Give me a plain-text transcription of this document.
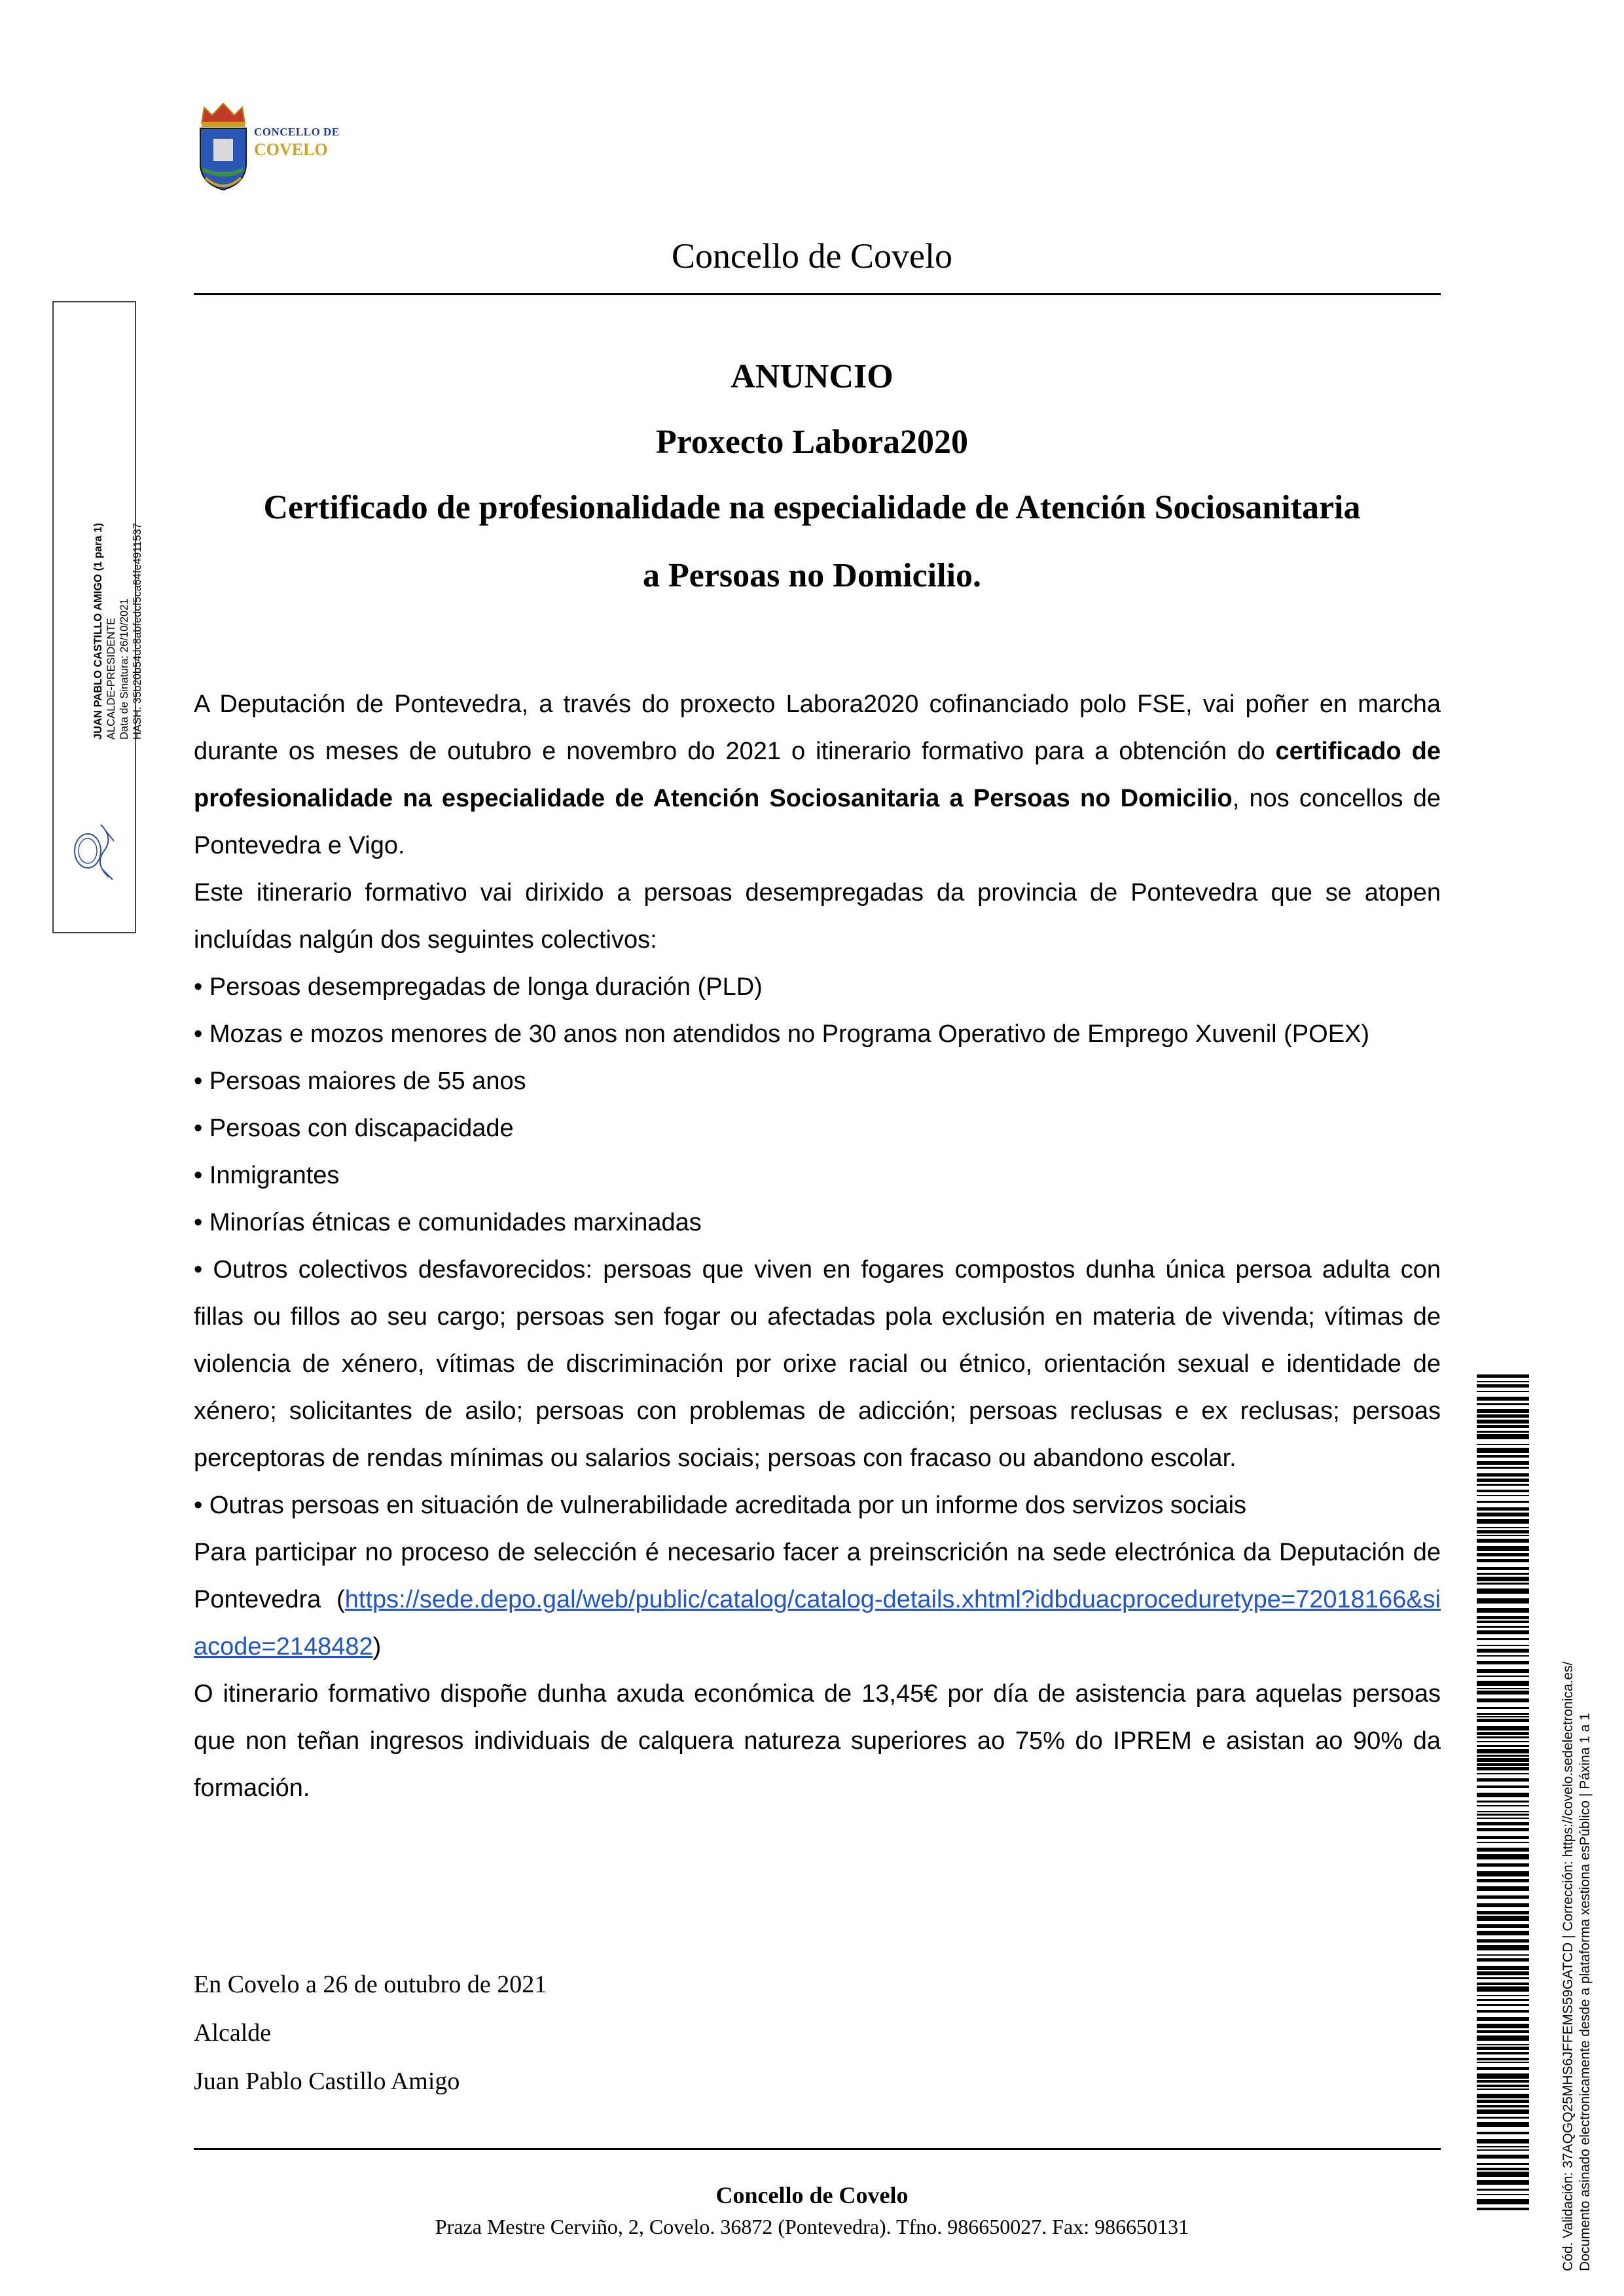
CONCELLO DE
COVELO
Concello de Covelo
ANUNCIO
Proxecto Labora2020
Certificado de profesionalidade na especialidade de Atención Sociosanitaria
a Persoas no Domicilio.

A Deputación de Pontevedra, a través do proxecto Labora2020 cofinanciado polo FSE, vai poñer en marcha durante os meses de outubro e novembro do 2021 o itinerario formativo para a obtención do certificado de profesionalidade na especialidade de Atención Sociosanitaria a Persoas no Domicilio, nos concellos de Pontevedra e Vigo.

Este itinerario formativo vai dirixido a persoas desempregadas da provincia de Pontevedra que se atopen incluídas nalgún dos seguintes colectivos:

• Persoas desempregadas de longa duración (PLD)

• Mozas e mozos menores de 30 anos non atendidos no Programa Operativo de Emprego Xuvenil (POEX)

• Persoas maiores de 55 anos

• Persoas con discapacidade

• Inmigrantes

• Minorías étnicas e comunidades marxinadas

• Outros colectivos desfavorecidos: persoas que viven en fogares compostos dunha única persoa adulta con fillas ou fillos ao seu cargo; persoas sen fogar ou afectadas pola exclusión en materia de vivenda; vítimas de violencia de xénero, vítimas de discriminación por orixe racial ou étnico, orientación sexual e identidade de xénero; solicitantes de asilo; persoas con problemas de adicción; persoas reclusas e ex reclusas; persoas perceptoras de rendas mínimas ou salarios sociais; persoas con fracaso ou abandono escolar.

• Outras persoas en situación de vulnerabilidade acreditada por un informe dos servizos sociais

Para participar no proceso de selección é necesario facer a preinscrición na sede electrónica da Deputación de Pontevedra (https://sede.depo.gal/web/public/catalog/catalog-details.xhtml?idbduacproceduretype=72018166&siacode=2148482)

O itinerario formativo dispoñe dunha axuda económica de 13,45€ por día de asistencia para aquelas persoas que non teñan ingresos individuais de calquera natureza superiores ao 75% do IPREM e asistan ao 90% da formación.

En Covelo a 26 de outubro de 2021
Alcalde
Juan Pablo Castillo Amigo
Concello de Covelo
Praza Mestre Cerviño, 2, Covelo. 36872 (Pontevedra). Tfno. 986650027. Fax: 986650131
JUAN PABLO CASTILLO AMIGO (1 para 1) ALCALDE-PRESIDENTE Data de Sinatura: 26/10/2021 HASH: 35b20b54dc8abfedcf5ca64fe4911537
Cód. Validación: 37AQGQ25MHS6JFFEMS59GATCD | Corrección: https://covelo.sedelectronica.es/ Documento asinado electronicamente desde a plataforma xestiona esPúblico | Páxina 1 a 1
